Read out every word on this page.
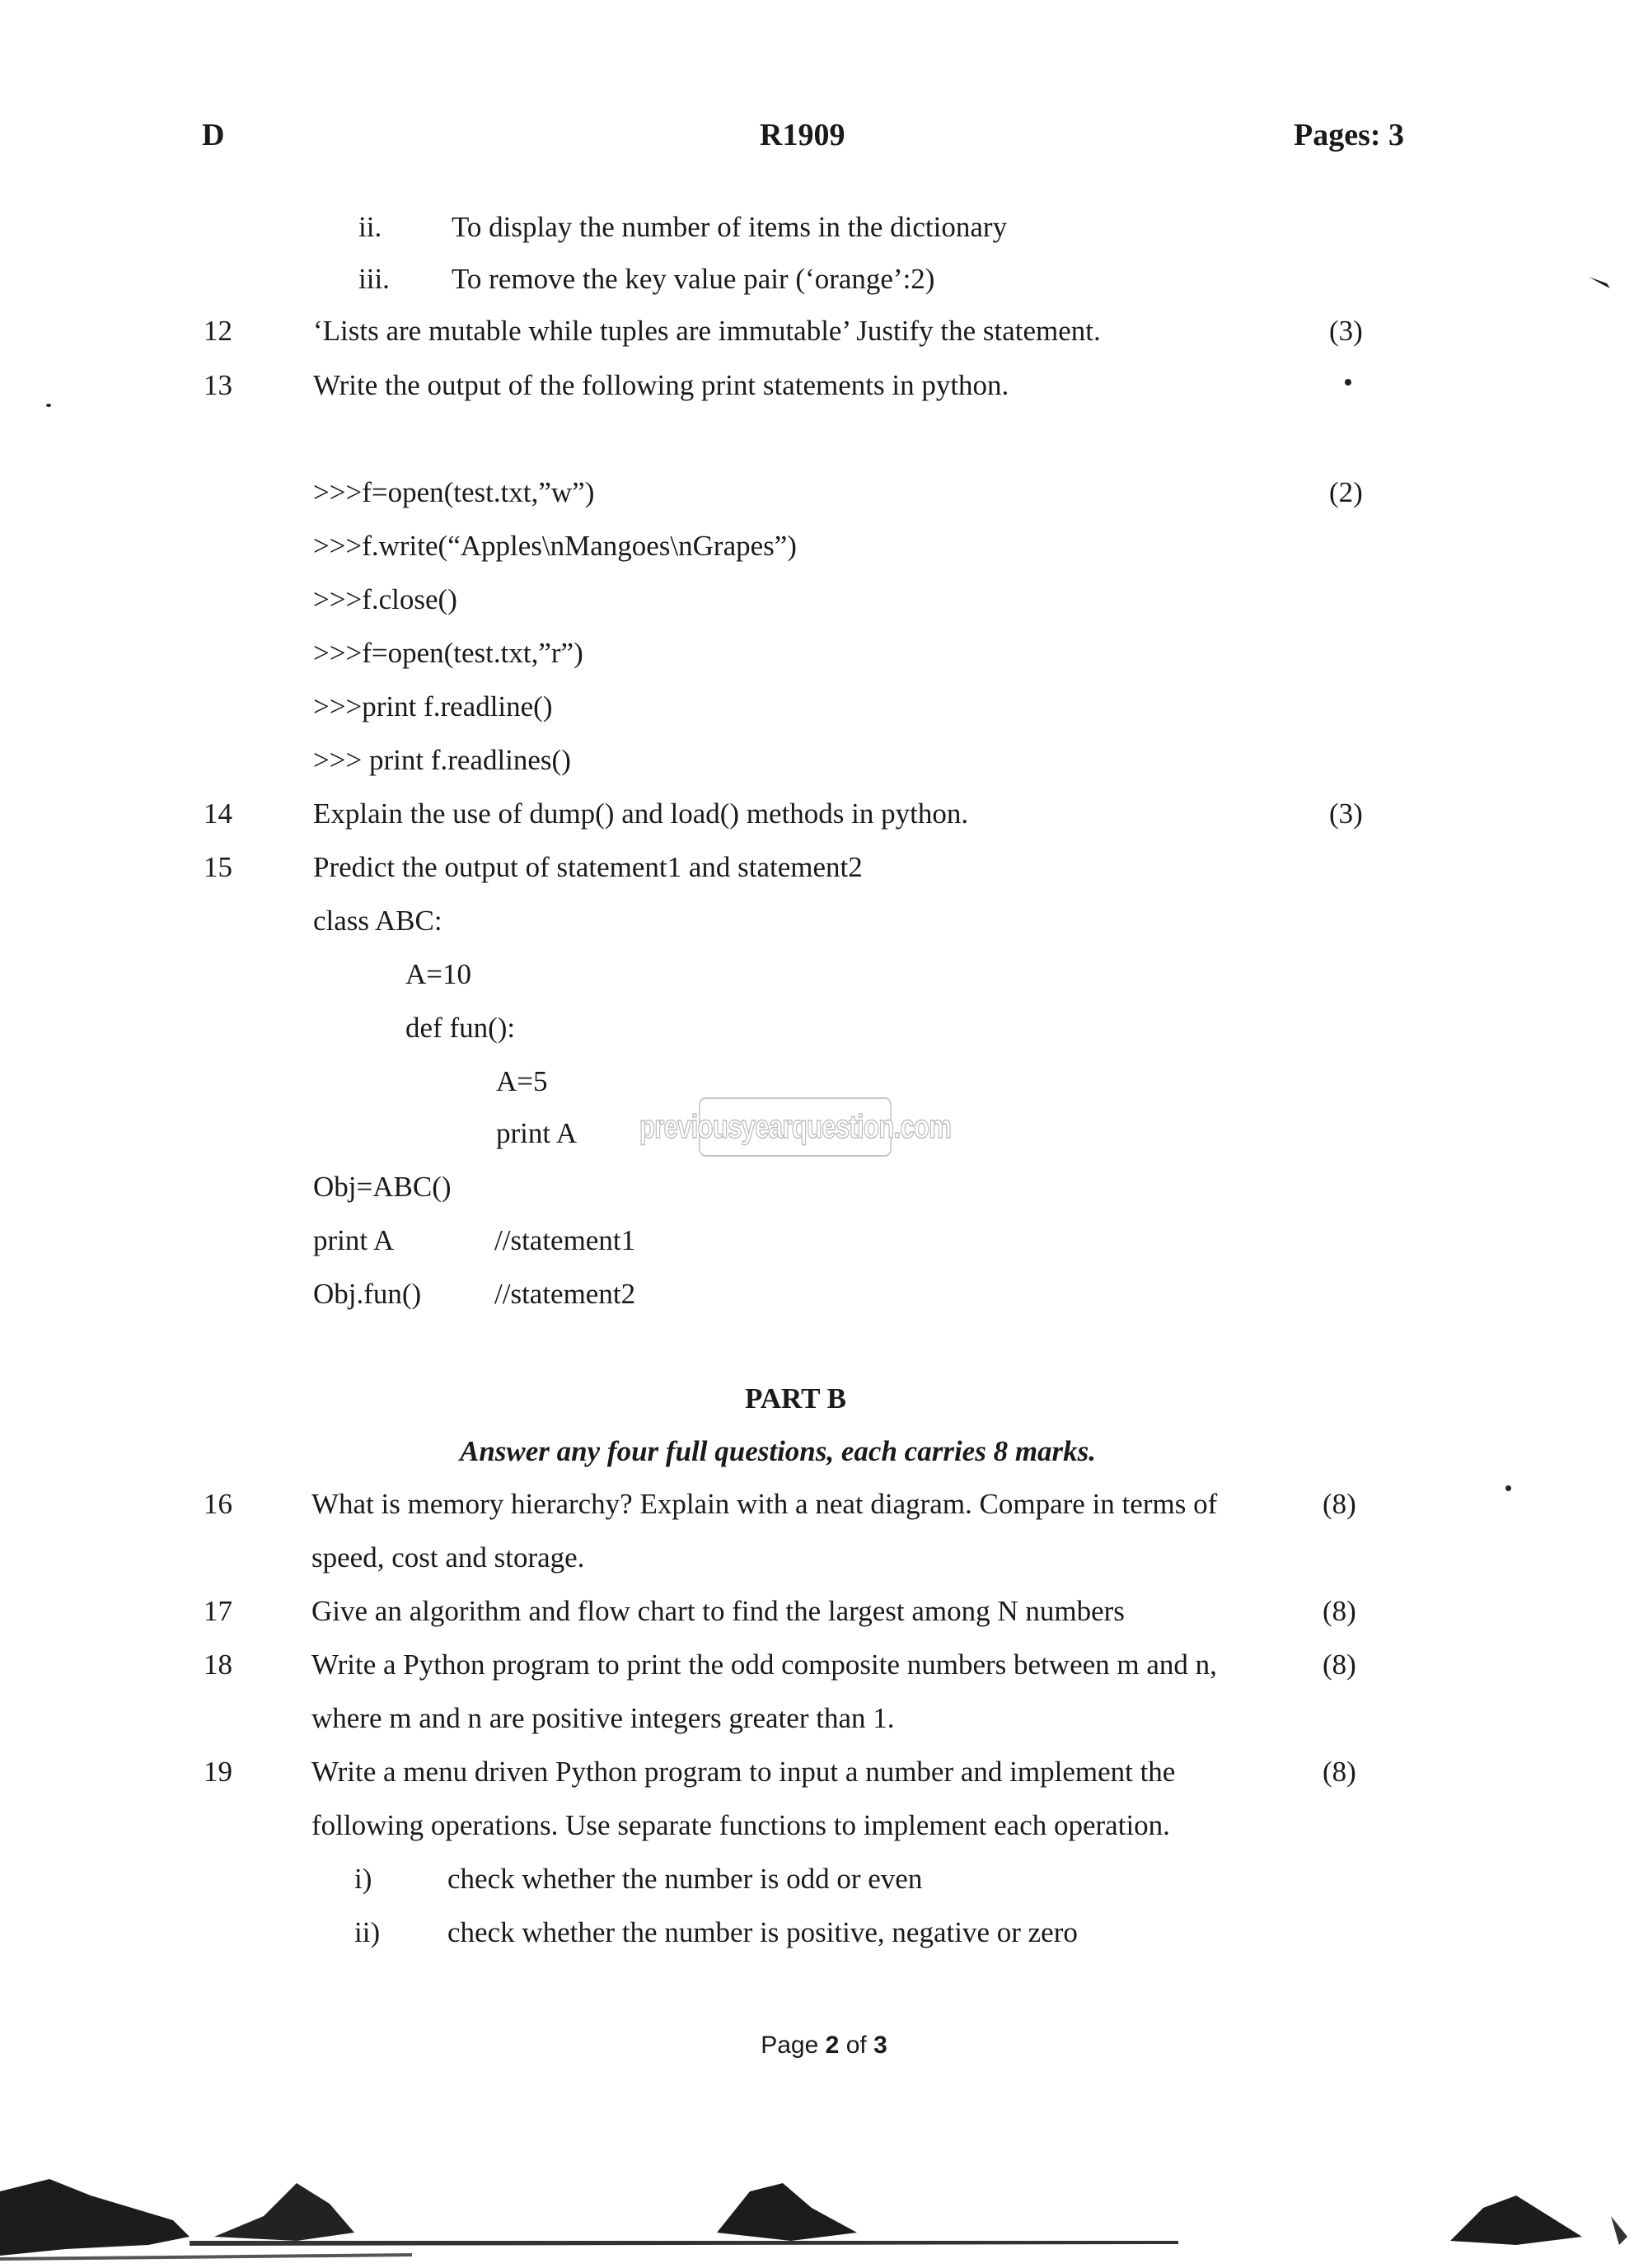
D	R1909	Pages: 3
ii. To display the number of items in the dictionary
iii. To remove the key value pair (‘orange’:2)
12	‘Lists are mutable while tuples are immutable’ Justify the statement.	(3)
13	Write the output of the following print statements in python.
>>>f=open(test.txt,”w”)	(2)
>>>f.write(“Apples\nMangoes\nGrapes”)
>>>f.close()
>>>f=open(test.txt,”r”)
>>>print f.readline()
>>> print f.readlines()
14	Explain the use of dump() and load() methods in python.	(3)
15	Predict the output of statement1 and statement2
class ABC:
A=10
def fun():
A=5
print A previousyearquestion.com
Obj=ABC()
print A	//statement1
Obj.fun()	//statement2
PART B
Answer any four full questions, each carries 8 marks.
16	What is memory hierarchy? Explain with a neat diagram. Compare in terms of	(8)
speed, cost and storage.
17	Give an algorithm and flow chart to find the largest among N numbers	(8)
18	Write a Python program to print the odd composite numbers between m and n,	(8)
where m and n are positive integers greater than 1.
19	Write a menu driven Python program to input a number and implement the	(8)
following operations. Use separate functions to implement each operation.
i)	check whether the number is odd or even
ii) check whether the number is positive, negative or zero
Page 2 of 3
